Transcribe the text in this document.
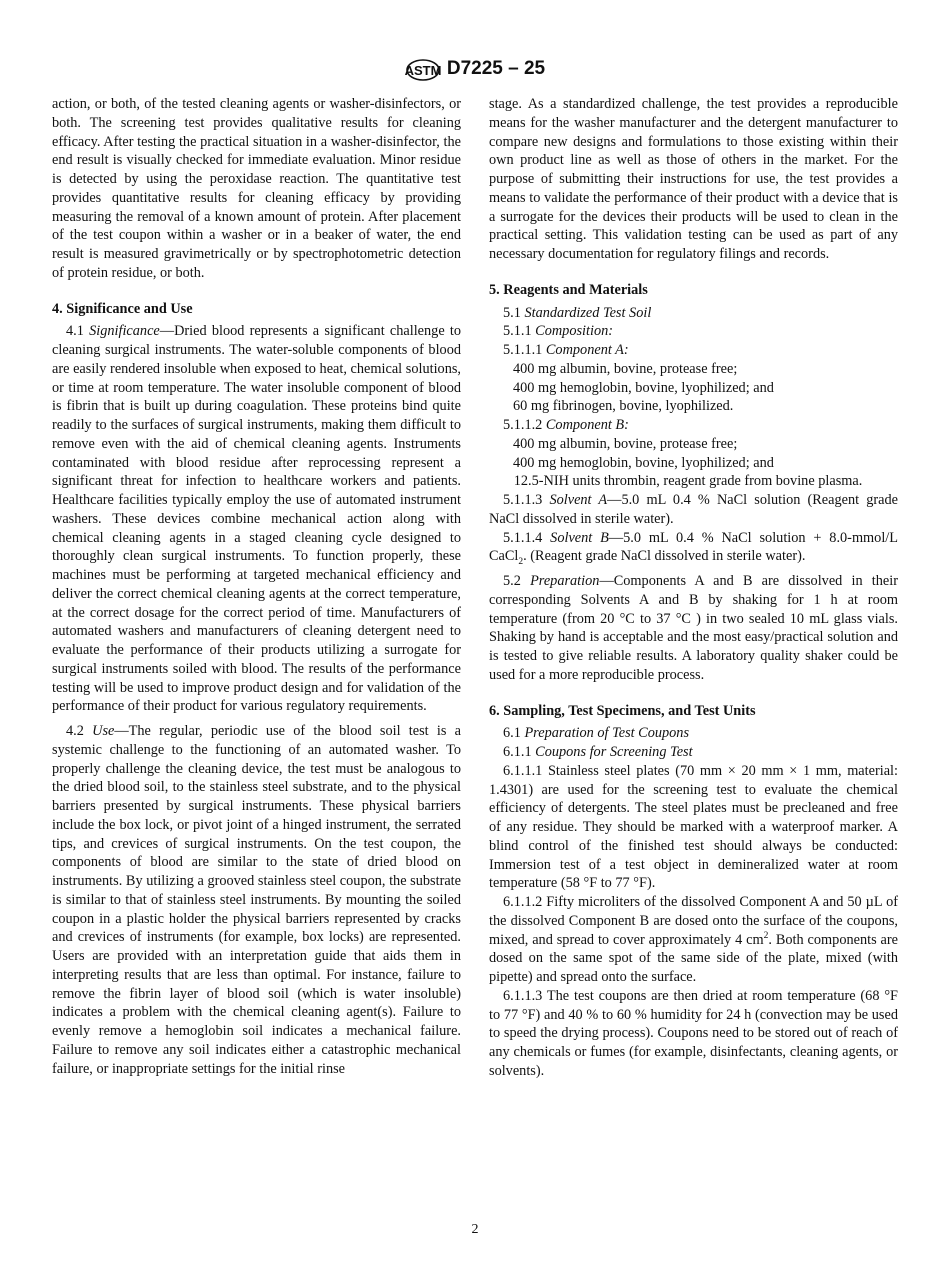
ASTM D7225 – 25

action, or both, of the tested cleaning agents or washer-disinfectors, or both. The screening test provides qualitative results for cleaning efficacy. After testing the practical situation in a washer-disinfector, the end result is visually checked for immediate evaluation. Minor residue is detected by using the peroxidase reaction. The quantitative test provides quantitative results for cleaning efficacy by providing measuring the removal of a known amount of protein. After placement of the test coupon within a washer or in a beaker of water, the end result is measured gravimetrically or by spectrophotometric detection of protein residue, or both.

4. Significance and Use

4.1 Significance—Dried blood represents a significant challenge to cleaning surgical instruments. The water-soluble components of blood are easily rendered insoluble when exposed to heat, chemical solutions, or time at room temperature. The water insoluble component of blood is fibrin that is built up during coagulation. These proteins bind quite readily to the surfaces of surgical instruments, making them difficult to remove even with the aid of chemical cleaning agents. Instruments contaminated with blood residue after reprocessing represent a significant threat for infection to healthcare workers and patients. Healthcare facilities typically employ the use of automated instrument washers. These devices combine mechanical action along with chemical cleaning agents in a staged cleaning cycle designed to thoroughly clean surgical instruments. To function properly, these machines must be performing at targeted mechanical efficiency and deliver the correct chemical cleaning agents at the correct temperature, at the correct dosage for the correct period of time. Manufacturers of automated washers and manufacturers of cleaning detergent need to evaluate the performance of their products utilizing a surrogate for surgical instruments soiled with blood. The results of the performance testing will be used to improve product design and for validation of the performance of their product for various regulatory requirements.

4.2 Use—The regular, periodic use of the blood soil test is a systemic challenge to the functioning of an automated washer. To properly challenge the cleaning device, the test must be analogous to the dried blood soil, to the stainless steel substrate, and to the physical barriers presented by surgical instruments. These physical barriers include the box lock, or pivot joint of a hinged instrument, the serrated tips, and crevices of surgical instruments. On the test coupon, the components of blood are similar to the state of dried blood on instruments. By utilizing a grooved stainless steel coupon, the substrate is similar to that of stainless steel instruments. By mounting the soiled coupon in a plastic holder the physical barriers represented by cracks and crevices of instruments (for example, box locks) are represented. Users are provided with an interpretation guide that aids them in interpreting results that are less than optimal. For instance, failure to remove the fibrin layer of blood soil (which is water insoluble) indicates a problem with the chemical cleaning agent(s). Failure to evenly remove a hemoglobin soil indicates a mechanical failure. Failure to remove any soil indicates either a catastrophic mechanical failure, or inappropriate settings for the initial rinse

stage. As a standardized challenge, the test provides a reproducible means for the washer manufacturer and the detergent manufacturer to compare new designs and formulations to those existing within their own product line as well as those of others in the market. For the purpose of submitting their instructions for use, the test provides a means to validate the performance of their product with a device that is a surrogate for the devices their products will be used to clean in the practical setting. This validation testing can be used as part of any necessary documentation for regulatory filings and records.

5. Reagents and Materials

5.1 Standardized Test Soil

5.1.1 Composition:

5.1.1.1 Component A:

400 mg albumin, bovine, protease free;

400 mg hemoglobin, bovine, lyophilized; and

60 mg fibrinogen, bovine, lyophilized.

5.1.1.2 Component B:

400 mg albumin, bovine, protease free;

400 mg hemoglobin, bovine, lyophilized; and

12.5-NIH units thrombin, reagent grade from bovine plasma.

5.1.1.3 Solvent A—5.0 mL 0.4 % NaCl solution (Reagent grade NaCl dissolved in sterile water).

5.1.1.4 Solvent B—5.0 mL 0.4 % NaCl solution + 8.0-mmol/L CaCl$_2$. (Reagent grade NaCl dissolved in sterile water).

5.2 Preparation—Components A and B are dissolved in their corresponding Solvents A and B by shaking for 1 h at room temperature (from 20 °C to 37 °C ) in two sealed 10 mL glass vials. Shaking by hand is acceptable and the most easy/practical solution and is tested to give reliable results. A laboratory quality shaker could be used for a more reproducible process.

6. Sampling, Test Specimens, and Test Units

6.1 Preparation of Test Coupons

6.1.1 Coupons for Screening Test

6.1.1.1 Stainless steel plates (70 mm × 20 mm × 1 mm, material: 1.4301) are used for the screening test to evaluate the chemical efficiency of detergents. The steel plates must be precleaned and free of any residue. They should be marked with a waterproof marker. A blind control of the finished test should always be conducted: Immersion test of a test object in demineralized water at room temperature (58 °F to 77 °F).

6.1.1.2 Fifty microliters of the dissolved Component A and 50 µL of the dissolved Component B are dosed onto the surface of the coupons, mixed, and spread to cover approximately 4 $cm^2$. Both components are dosed on the same spot of the same side of the plate, mixed (with pipette) and spread onto the surface.

6.1.1.3 The test coupons are then dried at room temperature (68 °F to 77 °F) and 40 % to 60 % humidity for 24 h (convection may be used to speed the drying process). Coupons need to be stored out of reach of any chemicals or fumes (for example, disinfectants, cleaning agents, or solvents).

2
